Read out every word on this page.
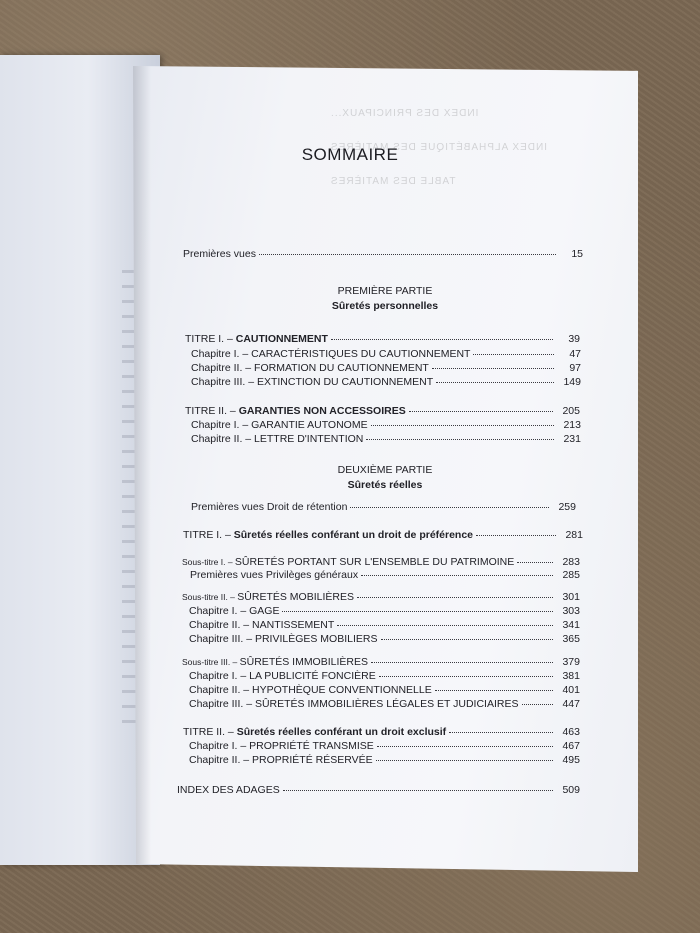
INDEX DES PRINCIPAUX...
INDEX ALPHABÉTIQUE DES MATIÈRES
TABLE DES MATIÈRES
SOMMAIRE
Premières vues	15
PREMIÈRE PARTIE
Sûretés personnelles
TITRE I. – CAUTIONNEMENT	39
Chapitre I. – CARACTÉRISTIQUES DU CAUTIONNEMENT	47
Chapitre II. – FORMATION DU CAUTIONNEMENT	97
Chapitre III. – EXTINCTION DU CAUTIONNEMENT	149
TITRE II. – GARANTIES NON ACCESSOIRES	205
Chapitre I. – GARANTIE AUTONOME	213
Chapitre II. – LETTRE D'INTENTION	231
DEUXIÈME PARTIE
Sûretés réelles
Premières vues Droit de rétention	259
TITRE I. – Sûretés réelles conférant un droit de préférence	281
Sous-titre I. – SÛRETÉS PORTANT SUR L'ENSEMBLE DU PATRIMOINE	283
Premières vues Privilèges généraux	285
Sous-titre II. – SÛRETÉS MOBILIÈRES	301
Chapitre I. – GAGE	303
Chapitre II. – NANTISSEMENT	341
Chapitre III. – PRIVILÈGES MOBILIERS	365
Sous-titre III. – SÛRETÉS IMMOBILIÈRES	379
Chapitre I. – LA PUBLICITÉ FONCIÈRE	381
Chapitre II. – HYPOTHÈQUE CONVENTIONNELLE	401
Chapitre III. – SÛRETÉS IMMOBILIÈRES LÉGALES ET JUDICIAIRES	447
TITRE II. – Sûretés réelles conférant un droit exclusif	463
Chapitre I. – PROPRIÉTÉ TRANSMISE	467
Chapitre II. – PROPRIÉTÉ RÉSERVÉE	495
INDEX DES ADAGES	509
